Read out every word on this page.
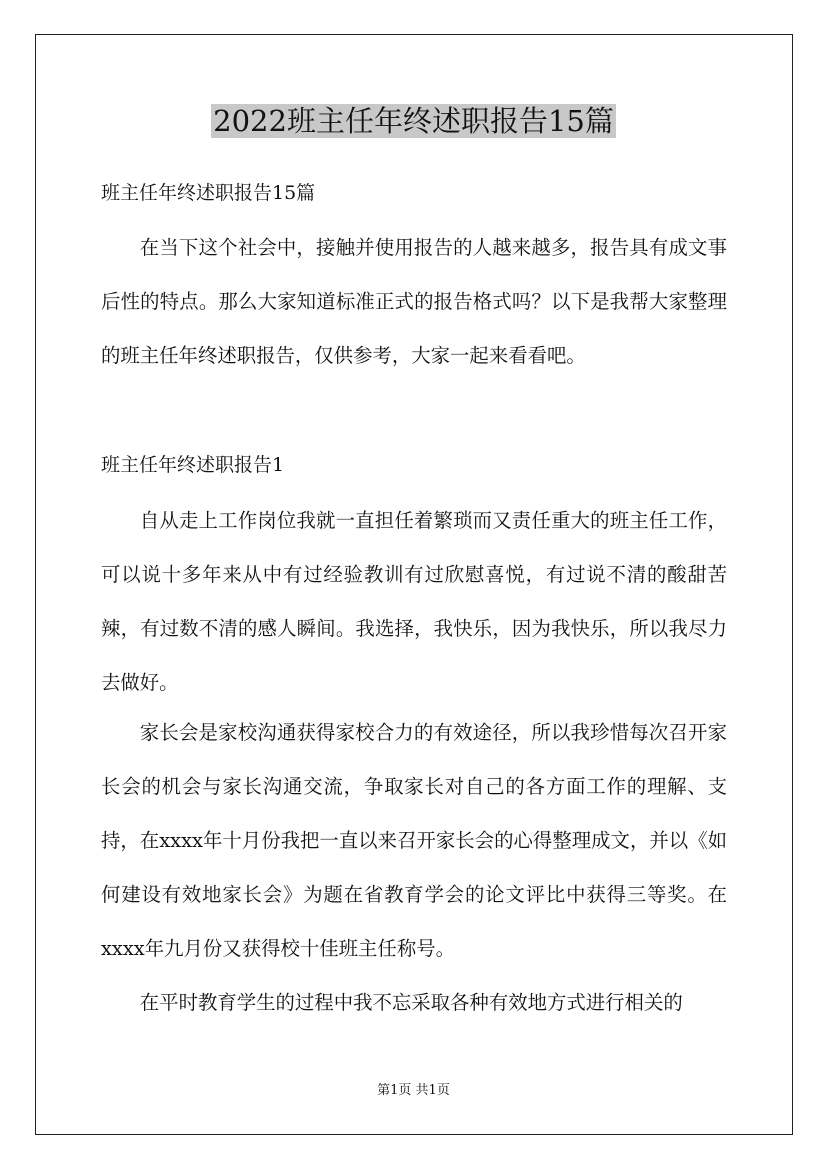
2022班主任年终述职报告15篇
班主任年终述职报告15篇

在当下这个社会中，接触并使用报告的人越来越多，报告具有成文事后性的特点。那么大家知道标准正式的报告格式吗？以下是我帮大家整理的班主任年终述职报告，仅供参考，大家一起来看看吧。

班主任年终述职报告1

自从走上工作岗位我就一直担任着繁琐而又责任重大的班主任工作，可以说十多年来从中有过经验教训有过欣慰喜悦，有过说不清的酸甜苦辣，有过数不清的感人瞬间。我选择，我快乐，因为我快乐，所以我尽力去做好。

家长会是家校沟通获得家校合力的有效途径，所以我珍惜每次召开家长会的机会与家长沟通交流，争取家长对自己的各方面工作的理解、支持，在xxxx年十月份我把一直以来召开家长会的心得整理成文，并以《如何建设有效地家长会》为题在省教育学会的论文评比中获得三等奖。在xxxx年九月份又获得校十佳班主任称号。

在平时教育学生的过程中我不忘采取各种有效地方式进行相关的

第1页 共1页
